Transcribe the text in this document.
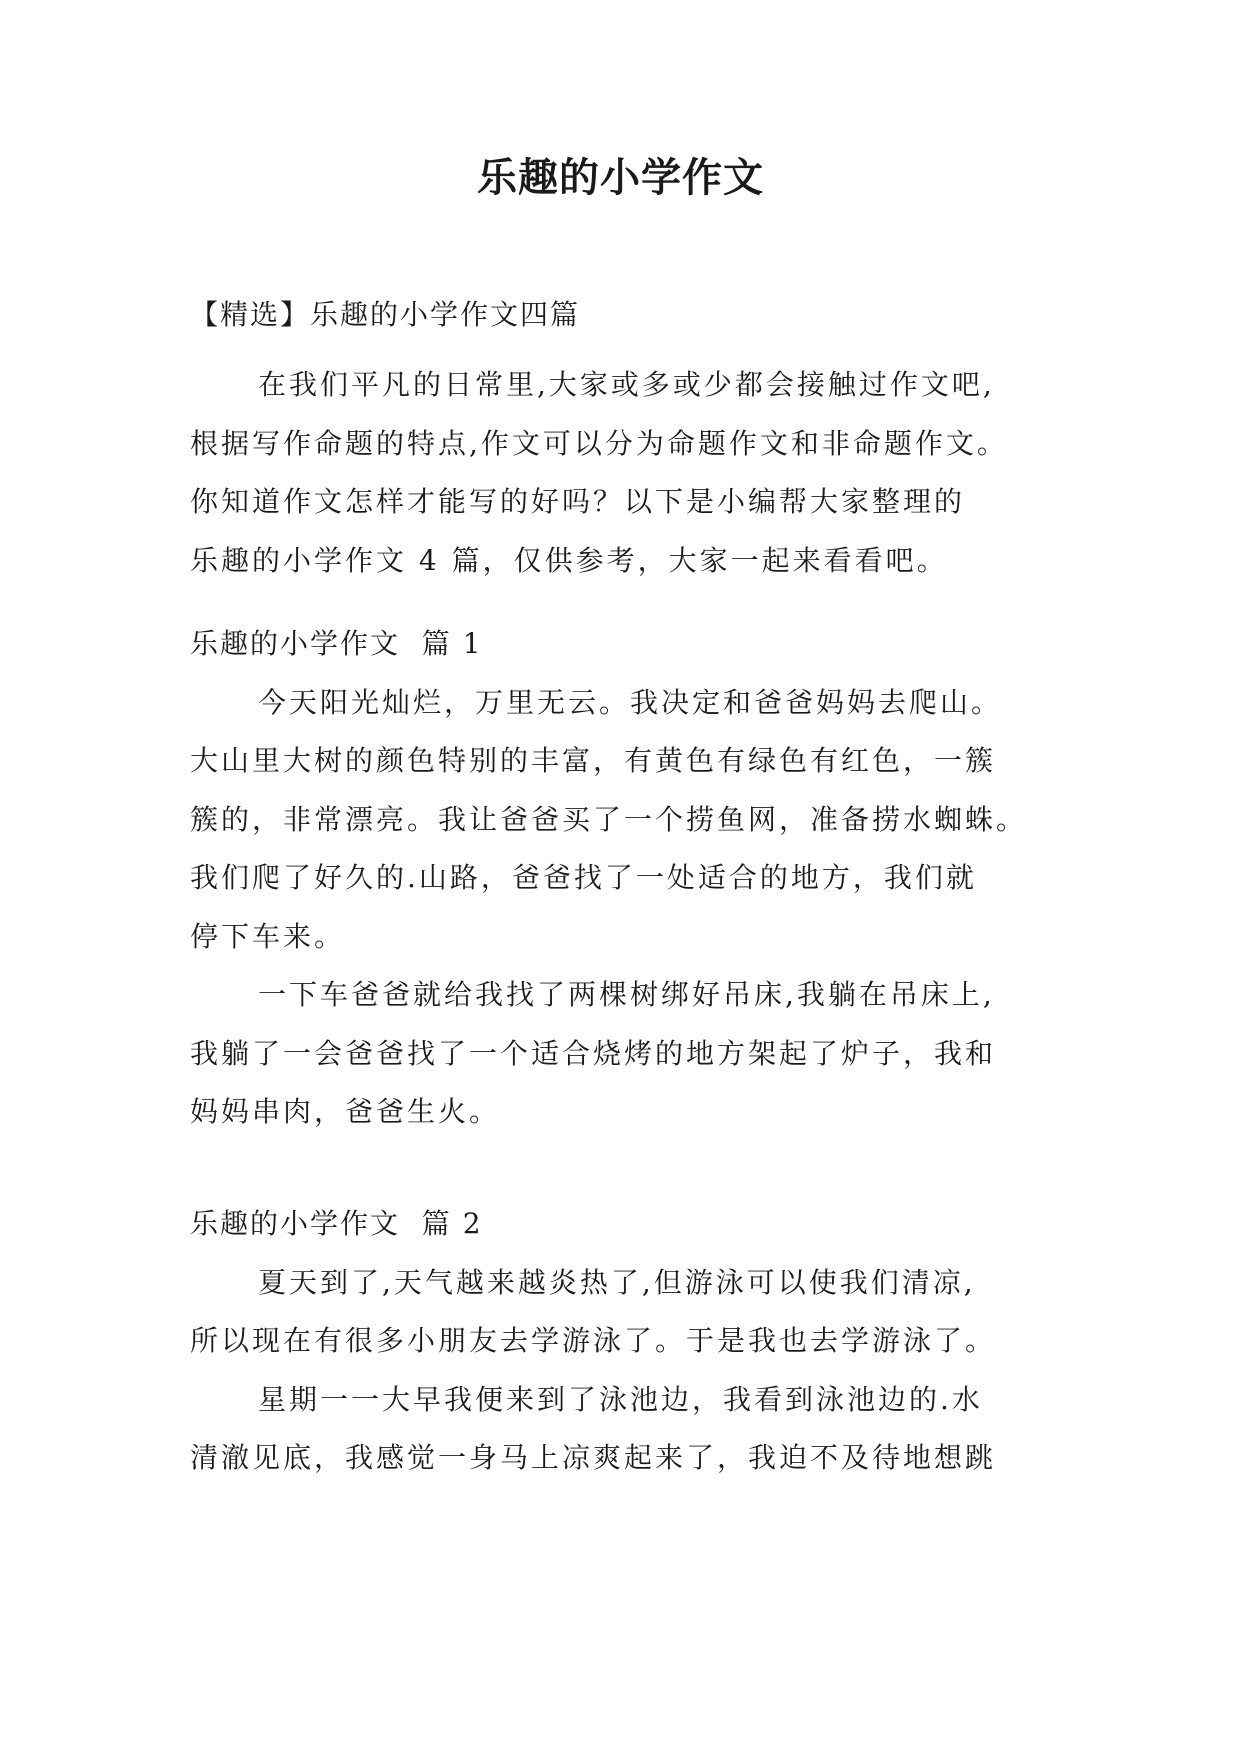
乐趣的小学作文
【精选】乐趣的小学作文四篇
在我们平凡的日常里,大家或多或少都会接触过作文吧,
根据写作命题的特点,作文可以分为命题作文和非命题作文。
你知道作文怎样才能写的好吗？以下是小编帮大家整理的
乐趣的小学作文 4 篇，仅供参考，大家一起来看看吧。
乐趣的小学作文  篇 1
今天阳光灿烂，万里无云。我决定和爸爸妈妈去爬山。
大山里大树的颜色特别的丰富，有黄色有绿色有红色，一簇
簇的，非常漂亮。我让爸爸买了一个捞鱼网，准备捞水蜘蛛。
我们爬了好久的.山路，爸爸找了一处适合的地方，我们就
停下车来。
一下车爸爸就给我找了两棵树绑好吊床,我躺在吊床上,
我躺了一会爸爸找了一个适合烧烤的地方架起了炉子，我和
妈妈串肉，爸爸生火。
乐趣的小学作文  篇 2
夏天到了,天气越来越炎热了,但游泳可以使我们清凉,
所以现在有很多小朋友去学游泳了。于是我也去学游泳了。
星期一一大早我便来到了泳池边，我看到泳池边的.水
清澈见底，我感觉一身马上凉爽起来了，我迫不及待地想跳
